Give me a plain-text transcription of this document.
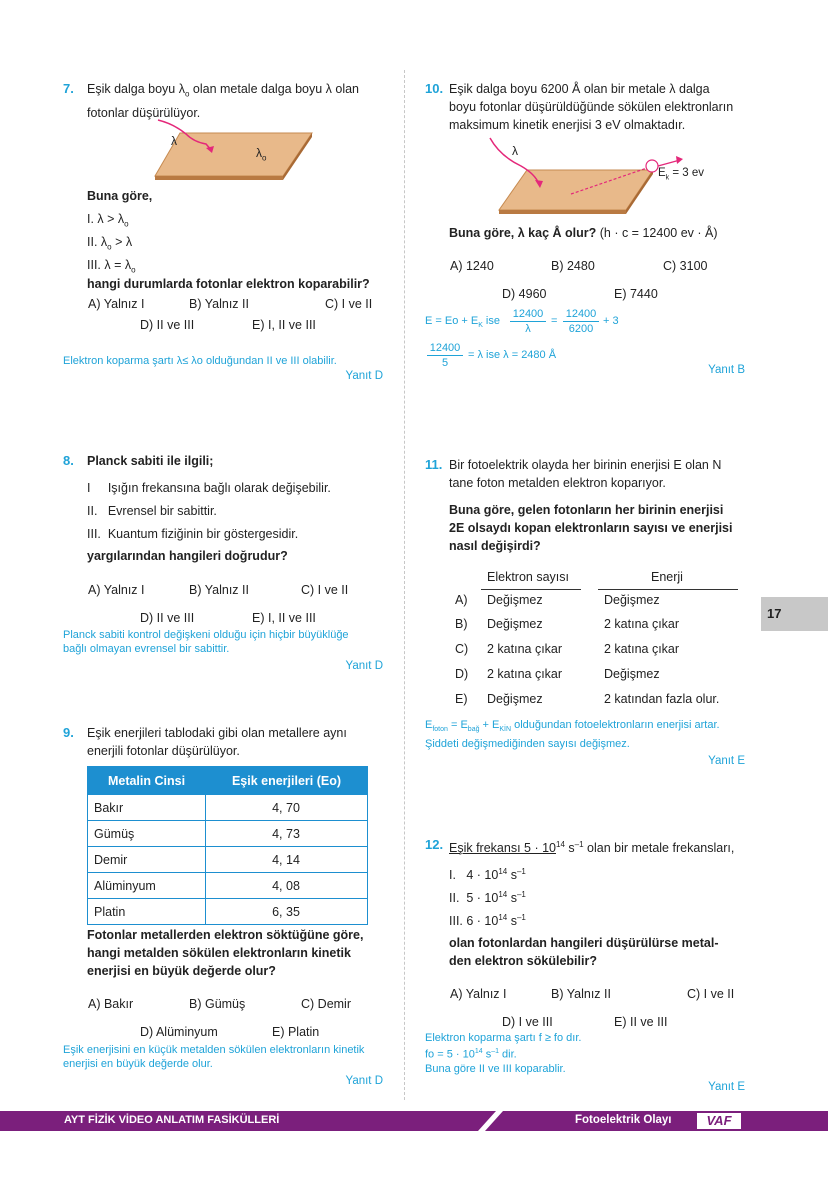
7. Eşik dalga boyu $\lambda_o$ olan metale dalga boyu λ olan
fotonlar düşürülüyor.
λ
$\lambda_o$
Buna göre,
I. $\lambda > \lambda_o$
II. $\lambda_o > \lambda$
III. $\lambda = \lambda_o$
hangi durumlarda fotonlar elektron koparabilir?
A) Yalnız I	B) Yalnız II	C) I ve II
D) II ve III	E) I, II ve III
Elektron koparma şartı λ≤ λo olduğundan II ve III olabilir.
Yanıt D
8. Planck sabiti ile ilgili;
I     Işığın frekansına bağlı olarak değişebilir.
II.   Evrensel bir sabittir.
III.  Kuantum fiziğinin bir göstergesidir.
yargılarından hangileri doğrudur?
A) Yalnız I	B) Yalnız II	C) I ve II
D) II ve III	E) I, II ve III
Planck sabiti kontrol değişkeni olduğu için hiçbir büyüklüğe
bağlı olmayan evrensel bir sabittir.
Yanıt D
9. Eşik enerjileri tablodaki gibi olan metallere aynı
enerjili fotonlar düşürülüyor.
Metalin Cinsi	Eşik enerjileri (Eo)
Bakır	4, 70
Gümüş	4, 73
Demir	4, 14
Alüminyum	4, 08
Platin	6, 35
Fotonlar metallerden elektron söktüğüne göre,
hangi metalden sökülen elektronların kinetik
enerjisi en büyük değerde olur?
A) Bakır	B) Gümüş	C) Demir
D) Alüminyum	E) Platin
Eşik enerjisini en küçük metalden sökülen elektronların kinetik
enerjisi en büyük değerde olur.
Yanıt D
10. Eşik dalga boyu 6200 Å olan bir metale λ dalga
boyu fotonlar düşürüldüğünde sökülen elektronların
maksimum kinetik enerjisi 3 eV olmaktadır.
λ
$E_k = 3$ ev
Buna göre, λ kaç Å olur? (h · c = 12400 ev · Å)
A) 1240	B) 2480	C) 3100
D) 4960	E) 7440
$E = Eo + E_K$ ise
12400
λ
=
12400
6200
+ 3
12400
5
= λ ise λ = 2480 Å
Yanıt B
11. Bir fotoelektrik olayda her birinin enerjisi E olan N
tane foton metalden elektron koparıyor.
Buna göre, gelen fotonların her birinin enerjisi
2E olsaydı kopan elektronların sayısı ve enerjisi
nasıl değişirdi?
Elektron sayısı	Enerji
A) Değişmez	Değişmez
B) Değişmez	2 katına çıkar
C) 2 katına çıkar	2 katına çıkar
D) 2 katına çıkar	Değişmez
E) Değişmez	2 katından fazla olur.
$E_{foton} = E_{bağ} + E_{KİN}$ olduğundan fotoelektronların enerjisi artar.
Şiddeti değişmediğinden sayısı değişmez.
Yanıt E
12. Eşik frekansı $5 \cdot 10^{14}$ $s^{-1}$ olan bir metale frekansları,
I.   $4 \cdot 10^{14}$ $s^{-1}$
II.  $5 \cdot 10^{14}$ $s^{-1}$
III. $6 \cdot 10^{14}$ $s^{-1}$
olan fotonlardan hangileri düşürülürse metal-
den elektron sökülebilir?
A) Yalnız I	B) Yalnız II	C) I ve II
D) I ve III	E) II ve III
Elektron koparma şartı f ≥ fo dır.
fo = $5 \cdot 10^{14}$ $s^{-1}$ dir.
Buna göre II ve III koparablir.
Yanıt E
17
AYT FİZİK VİDEO ANLATIM FASİKÜLLERİ	Fotoelektrik Olayı	VAF
